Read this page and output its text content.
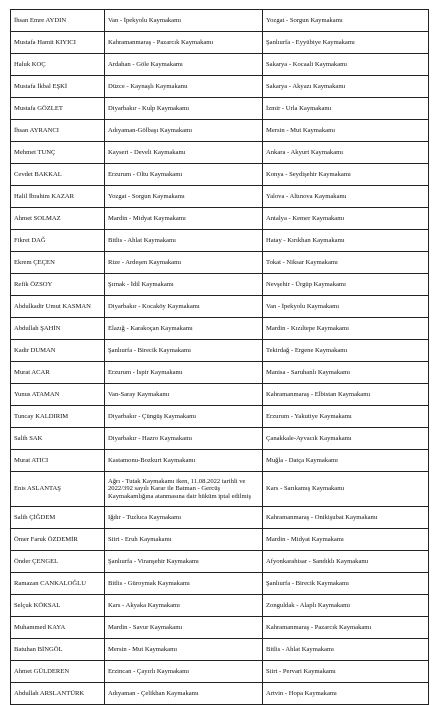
İhsan Emre AYDIN	Van - İpekyolu Kaymakamı	Yozgat - Sorgun Kaymakamı
Mustafa Hamit KIYICI	Kahramanmaraş - Pazarcık Kaymakamı	Şanlıurfa - Eyyübiye Kaymakamı
Haluk KOÇ	Ardahan - Göle Kaymakamı	Sakarya - Kocaali Kaymakamı
Mustafa İkbal EŞKİ	Düzce - Kaynaşlı Kaymakamı	Sakarya - Akyazı Kaymakamı
Mustafa GÖZLET	Diyarbakır - Kulp Kaymakamı	İzmir - Urla Kaymakamı
İhsan AYRANCI	Adıyaman-Gölbaşı Kaymakamı	Mersin - Mut Kaymakamı
Mehmet TUNÇ	Kayseri - Develi Kaymakamı	Ankara - Akyurt Kaymakamı
Cevdet BAKKAL	Erzurum - Oltu Kaymakamı	Konya - Seydişehir Kaymakamı
Halil İbrahim KAZAR	Yozgat - Sorgun Kaymakamı	Yalova - Altınova Kaymakamı
Ahmet SOLMAZ	Mardin - Midyat Kaymakamı	Antalya - Kemer Kaymakamı
Fikret DAĞ	Bitlis - Ahlat Kaymakamı	Hatay - Kırıkhan Kaymakamı
Ekrem ÇEÇEN	Rize - Ardeşen Kaymakamı	Tokat - Niksar Kaymakamı
Refik ÖZSOY	Şırnak - İdil Kaymakamı	Nevşehir - Ürgüp Kaymakamı
Abdulkadir Umut KASMAN	Diyarbakır - Kocaköy Kaymakamı	Van - İpekyolu Kaymakamı
Abdullah ŞAHİN	Elazığ - Karakoçan Kaymakamı	Mardin - Kızıltepe Kaymakamı
Kadir DUMAN	Şanlıurfa - Birecik Kaymakamı	Tekirdağ - Ergene Kaymakamı
Murat ACAR	Erzurum - İspir Kaymakamı	Manisa - Saruhanlı Kaymakamı
Yunus ATAMAN	Van-Saray Kaymakamı	Kahramanmaraş - Elbistan Kaymakamı
Tuncay KALDIRIM	Diyarbakır - Çüngüş Kaymakamı	Erzurum - Yakutiye Kaymakamı
Salih SAK	Diyarbakır - Hazro Kaymakamı	Çanakkale-Ayvacık Kaymakamı
Murat ATICI	Kastamonu-Bozkurt Kaymakamı	Muğla - Datça Kaymakamı
Enis ASLANTAŞ	Ağrı - Tutak Kaymakamı iken, 11.08.2022 tarihli ve 2022/392 sayılı Karar ile Batman - Gercüş Kaymakamlığına atanmasına dair hüküm iptal edilmiş	Kars - Sarıkamış Kaymakamı
Salih ÇİĞDEM	Iğdır - Tuzluca Kaymakamı	Kahramanmaraş - Onikişubat Kaymakamı
Ömer Faruk ÖZDEMİR	Siirt - Eruh Kaymakamı	Mardin - Midyat Kaymakamı
Önder ÇENGEL	Şanlıurfa - Viranşehir Kaymakamı	Afyonkarahisar - Sandıklı Kaymakamı
Ramazan CANKALOĞLU	Bitlis - Güroymak Kaymakamı	Şanlıurfa - Birecik Kaymakamı
Selçuk KÖKSAL	Kars - Akyaka Kaymakamı	Zonguldak - Alaplı Kaymakamı
Muhammed KAYA	Mardin - Savur Kaymakamı	Kahramanmaraş - Pazarcık Kaymakamı
Batuhan BİNGÖL	Mersin - Mut Kaymakamı	Bitlis - Ahlat Kaymakamı
Ahmet GÜLDEREN	Erzincan - Çayırlı Kaymakamı	Siirt - Pervari Kaymakamı
Abdullah ARSLANTÜRK	Adıyaman - Çelikhan Kaymakamı	Artvin - Hopa Kaymakamı
